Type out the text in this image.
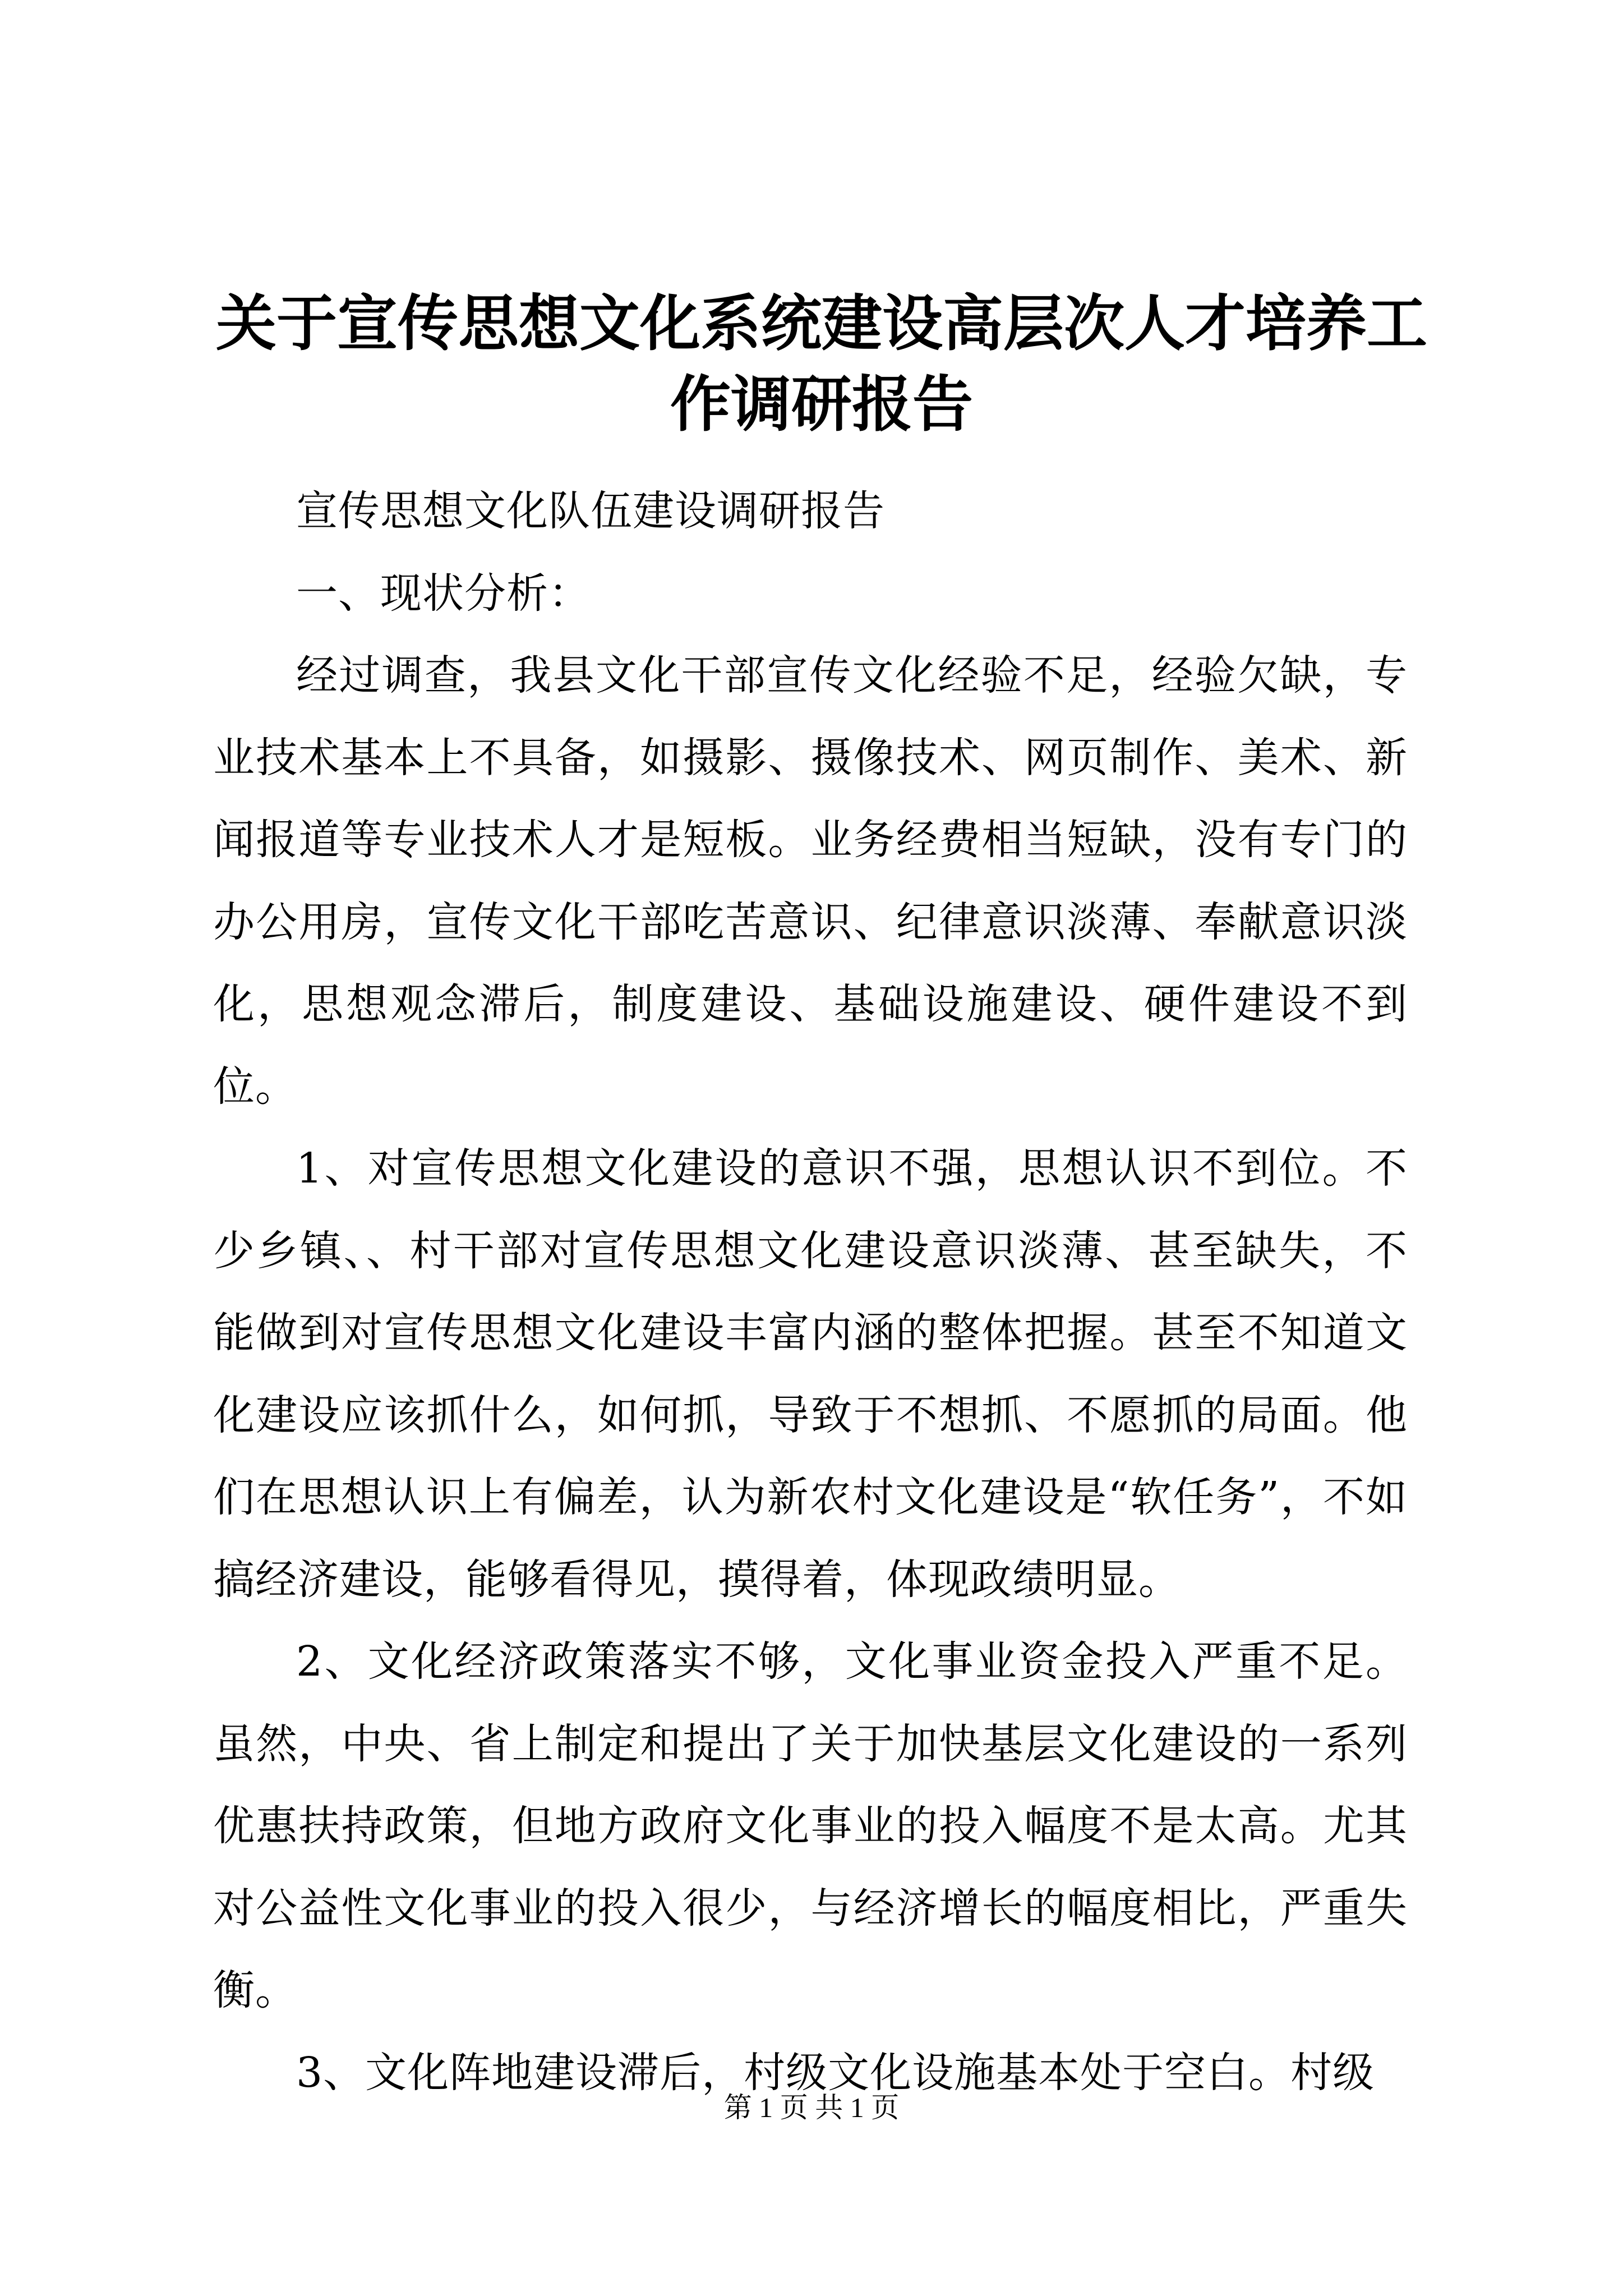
关于宣传思想文化系统建设高层次人才培养工作调研报告

宣传思想文化队伍建设调研报告

一、现状分析：

经过调查，我县文化干部宣传文化经验不足，经验欠缺，专业技术基本上不具备，如摄影、摄像技术、网页制作、美术、新闻报道等专业技术人才是短板。业务经费相当短缺，没有专门的办公用房，宣传文化干部吃苦意识、纪律意识淡薄、奉献意识淡化，思想观念滞后，制度建设、基础设施建设、硬件建设不到位。

1、对宣传思想文化建设的意识不强，思想认识不到位。不少乡镇、、村干部对宣传思想文化建设意识淡薄、甚至缺失，不能做到对宣传思想文化建设丰富内涵的整体把握。甚至不知道文化建设应该抓什么，如何抓，导致于不想抓、不愿抓的局面。他们在思想认识上有偏差，认为新农村文化建设是“软任务”，不如搞经济建设，能够看得见，摸得着，体现政绩明显。

2、文化经济政策落实不够，文化事业资金投入严重不足。虽然，中央、省上制定和提出了关于加快基层文化建设的一系列优惠扶持政策，但地方政府文化事业的投入幅度不是太高。尤其对公益性文化事业的投入很少，与经济增长的幅度相比，严重失衡。

3、文化阵地建设滞后，村级文化设施基本处于空白。村级

第 1 页 共 1 页
